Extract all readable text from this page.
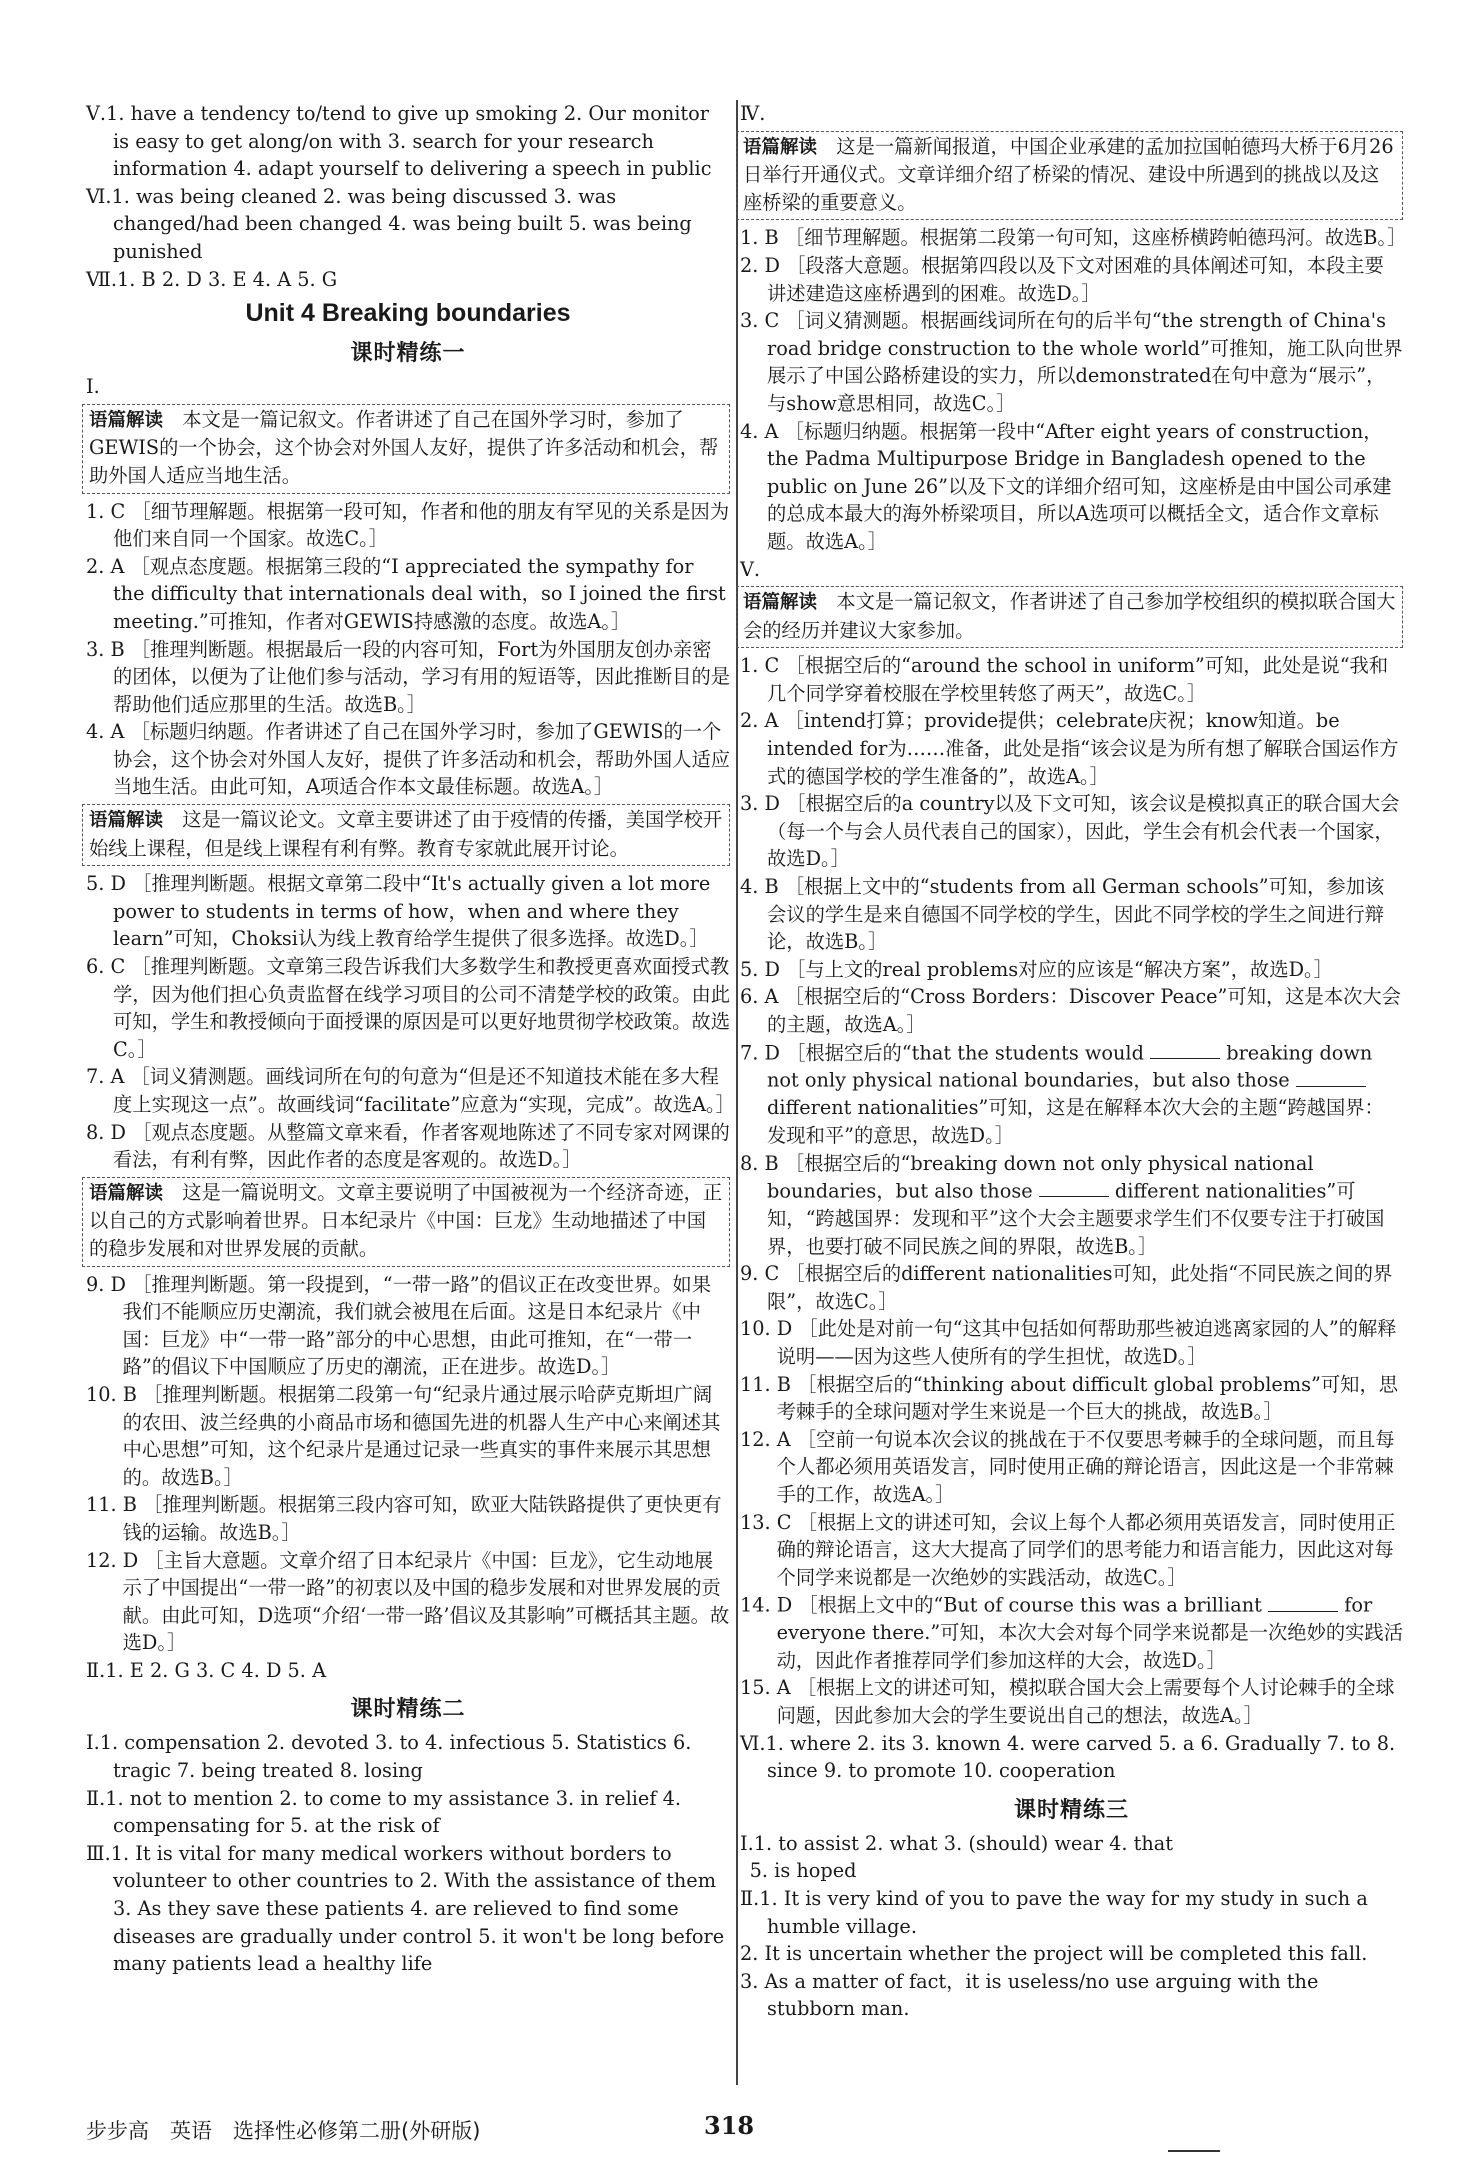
Ⅴ.1. have a tendency to/tend to give up smoking 2. Our monitor is easy to get along/on with 3. search for your research information 4. adapt yourself to delivering a speech in public

Ⅵ.1. was being cleaned 2. was being discussed 3. was changed/had been changed 4. was being built 5. was being punished

Ⅶ.1. B 2. D 3. E 4. A 5. G

Unit 4 Breaking boundaries
课时精练一

Ⅰ.

语篇解读　 本文是一篇记叙文。作者讲述了自己在国外学习时，参加了GEWIS的一个协会，这个协会对外国人友好，提供了许多活动和机会，帮助外国人适应当地生活。

1. C ［细节理解题。根据第一段可知，作者和他的朋友有罕见的关系是因为他们来自同一个国家。故选C。］

2. A ［观点态度题。根据第三段的“I appreciated the sympathy for the difficulty that internationals deal with，so I joined the first meeting.”可推知，作者对GEWIS持感激的态度。故选A。］

3. B ［推理判断题。根据最后一段的内容可知，Fort为外国朋友创办亲密的团体，以便为了让他们参与活动，学习有用的短语等，因此推断目的是帮助他们适应那里的生活。故选B。］

4. A ［标题归纳题。作者讲述了自己在国外学习时，参加了GEWIS的一个协会，这个协会对外国人友好，提供了许多活动和机会，帮助外国人适应当地生活。由此可知，A项适合作本文最佳标题。故选A。］

语篇解读　 这是一篇议论文。文章主要讲述了由于疫情的传播，美国学校开始线上课程，但是线上课程有利有弊。教育专家就此展开讨论。

5. D ［推理判断题。根据文章第二段中“It's actually given a lot more power to students in terms of how，when and where they learn”可知，Choksi认为线上教育给学生提供了很多选择。故选D。］

6. C ［推理判断题。文章第三段告诉我们大多数学生和教授更喜欢面授式教学，因为他们担心负责监督在线学习项目的公司不清楚学校的政策。由此可知，学生和教授倾向于面授课的原因是可以更好地贯彻学校政策。故选C。］

7. A ［词义猜测题。画线词所在句的句意为“但是还不知道技术能在多大程度上实现这一点”。故画线词“facilitate”应意为“实现，完成”。故选A。］

8. D ［观点态度题。从整篇文章来看，作者客观地陈述了不同专家对网课的看法，有利有弊，因此作者的态度是客观的。故选D。］

语篇解读　 这是一篇说明文。文章主要说明了中国被视为一个经济奇迹，正以自己的方式影响着世界。日本纪录片《中国：巨龙》生动地描述了中国的稳步发展和对世界发展的贡献。

9. D ［推理判断题。第一段提到，“一带一路”的倡议正在改变世界。如果我们不能顺应历史潮流，我们就会被甩在后面。这是日本纪录片《中国：巨龙》中“一带一路”部分的中心思想，由此可推知，在“一带一路”的倡议下中国顺应了历史的潮流，正在进步。故选D。］

10. B ［推理判断题。根据第二段第一句“纪录片通过展示哈萨克斯坦广阔的农田、波兰经典的小商品市场和德国先进的机器人生产中心来阐述其中心思想”可知，这个纪录片是通过记录一些真实的事件来展示其思想的。故选B。］

11. B ［推理判断题。根据第三段内容可知，欧亚大陆铁路提供了更快更有钱的运输。故选B。］

12. D ［主旨大意题。文章介绍了日本纪录片《中国：巨龙》，它生动地展示了中国提出“一带一路”的初衷以及中国的稳步发展和对世界发展的贡献。由此可知，D选项“介绍‘一带一路’倡议及其影响”可概括其主题。故选D。］

Ⅱ.1. E 2. G 3. C 4. D 5. A

课时精练二

Ⅰ.1. compensation 2. devoted 3. to 4. infectious 5. Statistics 6. tragic 7. being treated 8. losing

Ⅱ.1. not to mention 2. to come to my assistance 3. in relief 4. compensating for 5. at the risk of

Ⅲ.1. It is vital for many medical workers without borders to volunteer to other countries to 2. With the assistance of them 3. As they save these patients 4. are relieved to find some diseases are gradually under control 5. it won't be long before many patients lead a healthy life

Ⅳ.

语篇解读　 这是一篇新闻报道，中国企业承建的孟加拉国帕德玛大桥于6月26日举行开通仪式。文章详细介绍了桥梁的情况、建设中所遇到的挑战以及这座桥梁的重要意义。

1. B ［细节理解题。根据第二段第一句可知，这座桥横跨帕德玛河。故选B。］

2. D ［段落大意题。根据第四段以及下文对困难的具体阐述可知，本段主要讲述建造这座桥遇到的困难。故选D。］

3. C ［词义猜测题。根据画线词所在句的后半句“the strength of China's road bridge construction to the whole world”可推知，施工队向世界展示了中国公路桥建设的实力，所以demonstrated在句中意为“展示”，与show意思相同，故选C。］

4. A ［标题归纳题。根据第一段中“After eight years of construction，the Padma Multipurpose Bridge in Bangladesh opened to the public on June 26”以及下文的详细介绍可知，这座桥是由中国公司承建的总成本最大的海外桥梁项目，所以A选项可以概括全文，适合作文章标题。故选A。］

Ⅴ.

语篇解读　 本文是一篇记叙文，作者讲述了自己参加学校组织的模拟联合国大会的经历并建议大家参加。

1. C ［根据空后的“around the school in uniform”可知，此处是说“我和几个同学穿着校服在学校里转悠了两天”，故选C。］

2. A ［intend打算；provide提供；celebrate庆祝；know知道。be intended for为……准备，此处是指“该会议是为所有想了解联合国运作方式的德国学校的学生准备的”，故选A。］

3. D ［根据空后的a country以及下文可知，该会议是模拟真正的联合国大会（每一个与会人员代表自己的国家），因此，学生会有机会代表一个国家，故选D。］

4. B ［根据上文中的“students from all German schools”可知，参加该会议的学生是来自德国不同学校的学生，因此不同学校的学生之间进行辩论，故选B。］

5. D ［与上文的real problems对应的应该是“解决方案”，故选D。］

6. A ［根据空后的“Cross Borders：Discover Peace”可知，这是本次大会的主题，故选A。］

7. D ［根据空后的“that the students would	breaking down not only physical national boundaries，but also those  different nationalities”可知，这是在解释本次大会的主题“跨越国界：发现和平”的意思，故选D。］

8. B ［根据空后的“breaking down not only physical national boundaries，but also those	different nationalities”可知，“跨越国界：发现和平”这个大会主题要求学生们不仅要专注于打破国界，也要打破不同民族之间的界限，故选B。］

9. C ［根据空后的different nationalities可知，此处指“不同民族之间的界限”，故选C。］

10. D ［此处是对前一句“这其中包括如何帮助那些被迫逃离家园的人”的解释说明——因为这些人使所有的学生担忧，故选D。］

11. B ［根据空后的“thinking about difficult global problems”可知，思考棘手的全球问题对学生来说是一个巨大的挑战，故选B。］

12. A ［空前一句说本次会议的挑战在于不仅要思考棘手的全球问题，而且每个人都必须用英语发言，同时使用正确的辩论语言，因此这是一个非常棘手的工作，故选A。］

13. C ［根据上文的讲述可知，会议上每个人都必须用英语发言，同时使用正确的辩论语言，这大大提高了同学们的思考能力和语言能力，因此这对每个同学来说都是一次绝妙的实践活动，故选C。］

14. D ［根据上文中的“But of course this was a brilliant	for everyone there.”可知，本次大会对每个同学来说都是一次绝妙的实践活动，因此作者推荐同学们参加这样的大会，故选D。］

15. A ［根据上文的讲述可知，模拟联合国大会上需要每个人讨论棘手的全球问题，因此参加大会的学生要说出自己的想法，故选A。］

Ⅵ.1. where 2. its 3. known 4. were carved 5. a 6. Gradually 7. to 8. since 9. to promote 10. cooperation

课时精练三

Ⅰ.1. to assist 2. what 3. (should) wear 4. that

5. is hoped

Ⅱ.1. It is very kind of you to pave the way for my study in such a humble village.

2. It is uncertain whether the project will be completed this fall.

3. As a matter of fact，it is useless/no use arguing with the stubborn man.

步步高　英语　选择性必修第二册(外研版)	318
